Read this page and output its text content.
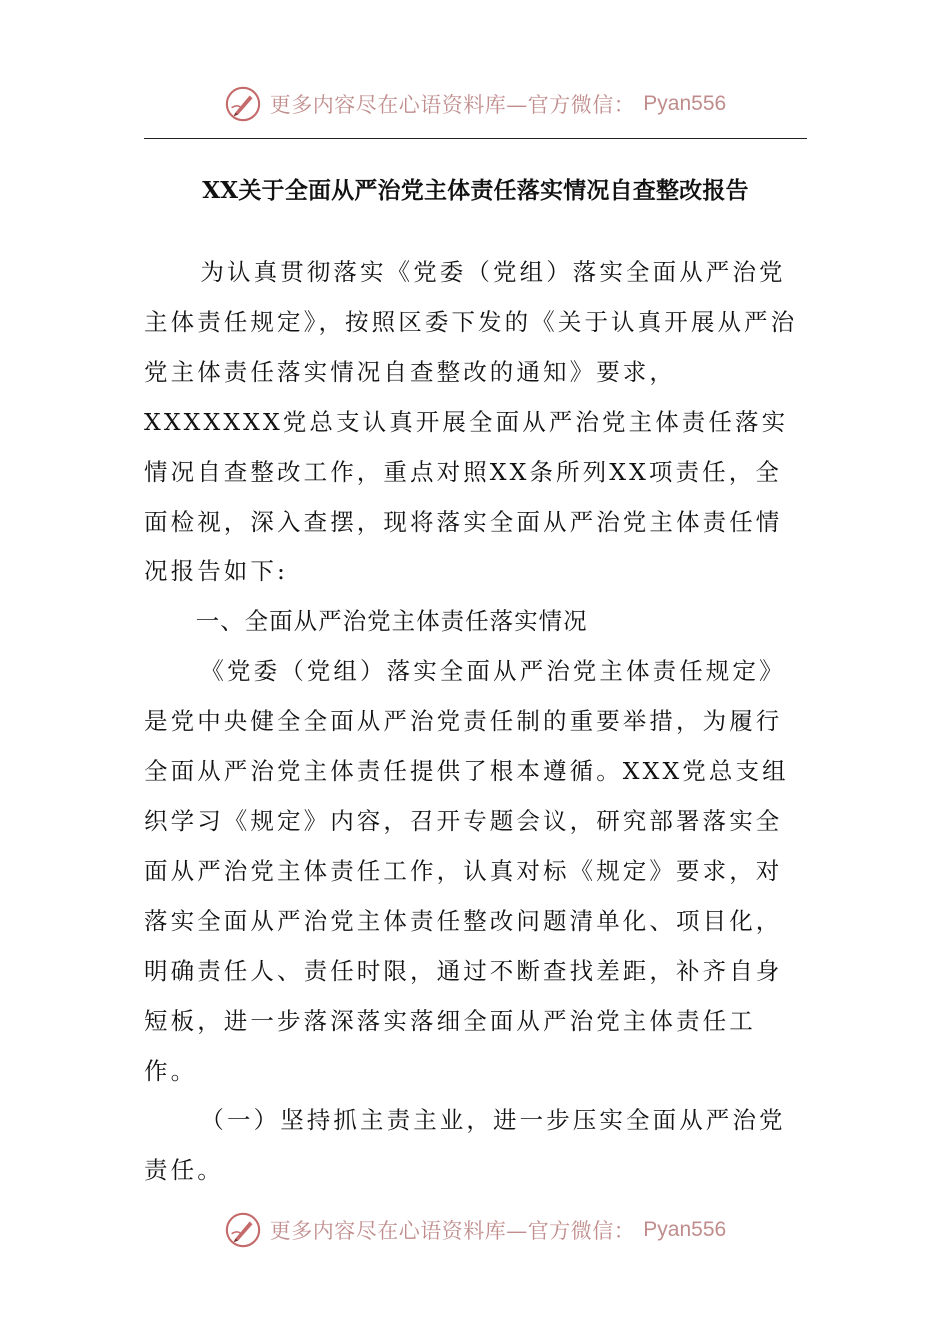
更多内容尽在心语资料库—官方微信： Pyan556
XX关于全面从严治党主体责任落实情况自查整改报告

为认真贯彻落实《党委（党组）落实全面从严治党主体责任规定》，按照区委下发的《关于认真开展从严治党主体责任落实情况自查整改的通知》要求，XXXXXXX党总支认真开展全面从严治党主体责任落实情况自查整改工作，重点对照XX条所列XX项责任，全面检视，深入查摆，现将落实全面从严治党主体责任情况报告如下:

一、全面从严治党主体责任落实情况

《党委（党组）落实全面从严治党主体责任规定》是党中央健全全面从严治党责任制的重要举措，为履行全面从严治党主体责任提供了根本遵循。XXX党总支组织学习《规定》内容，召开专题会议，研究部署落实全面从严治党主体责任工作，认真对标《规定》要求，对落实全面从严治党主体责任整改问题清单化、项目化，明确责任人、责任时限，通过不断查找差距，补齐自身短板，进一步落深落实落细全面从严治党主体责任工作。

（一）坚持抓主责主业，进一步压实全面从严治党责任。

更多内容尽在心语资料库—官方微信： Pyan556
